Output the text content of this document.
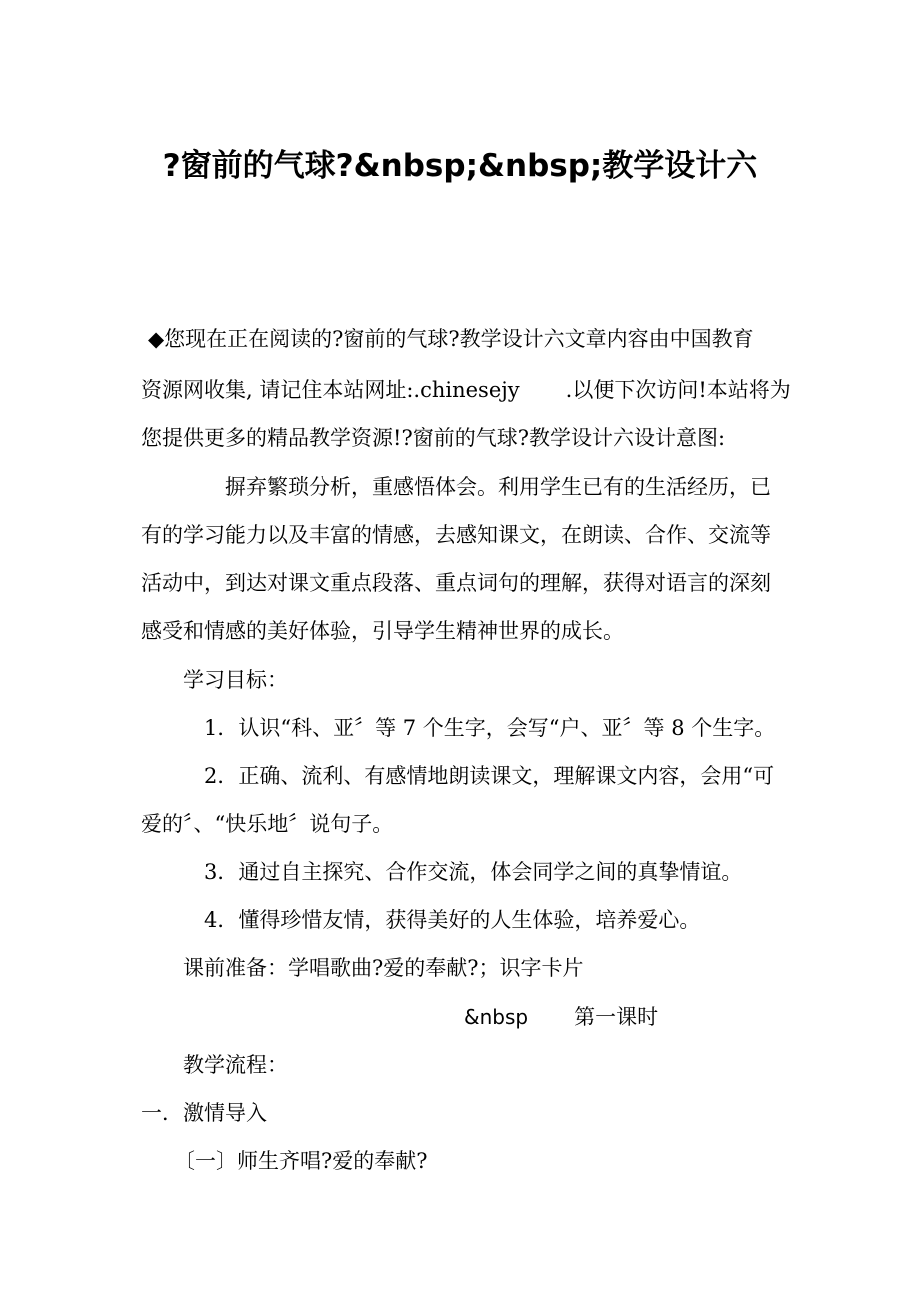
?窗前的气球?&nbsp;&nbsp;教学设计六
◆您现在正在阅读的?窗前的气球?教学设计六文章内容由中国教育
资源网收集, 请记住本站网址:.chinesejy .以便下次访问!本站将为
您提供更多的精品教学资源!?窗前的气球?教学设计六设计意图:
摒弃繁琐分析，重感悟体会。利用学生已有的生活经历，已
有的学习能力以及丰富的情感，去感知课文，在朗读、合作、交流等
活动中，到达对课文重点段落、重点词句的理解，获得对语言的深刻
感受和情感的美好体验，引导学生精神世界的成长。
学习目标：
1．认识“科、亚〞等 7 个生字，会写“户、亚〞等 8 个生字。
2．正确、流利、有感情地朗读课文，理解课文内容，会用“可
爱的〞、“快乐地〞说句子。
3．通过自主探究、合作交流，体会同学之间的真挚情谊。
4．懂得珍惜友情，获得美好的人生体验，培养爱心。
课前准备：学唱歌曲?爱的奉献?；识字卡片
&nbsp 第一课时
教学流程：
一．激情导入
〔一〕师生齐唱?爱的奉献?
